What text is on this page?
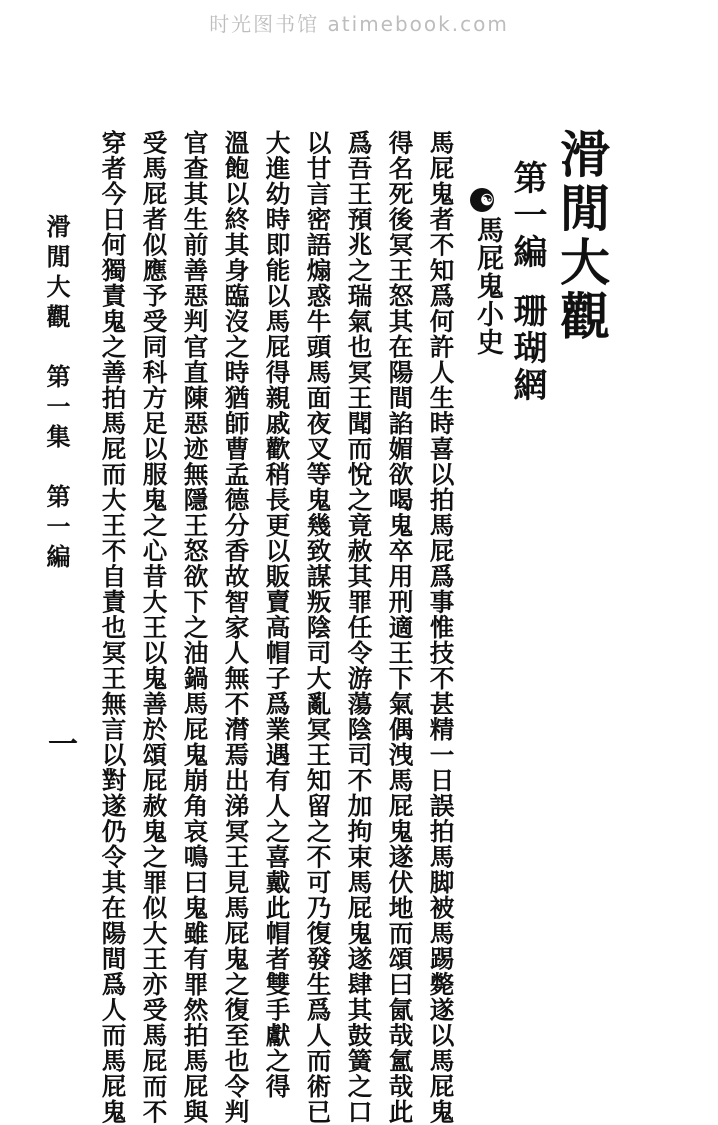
时光图书馆 atimebook.com
滑閒大觀
第一編珊瑚網
☯馬屁鬼小史
馬屁鬼者不知爲何許人生時喜以拍馬屁爲事惟技不甚精一日誤拍馬脚被馬踢斃遂以馬屁鬼
得名死後冥王怒其在陽間諂媚欲喝鬼卒用刑適王下氣偶洩馬屁鬼遂伏地而頌曰氤哉氳哉此
爲吾王預兆之瑞氣也冥王聞而悅之竟赦其罪任令游蕩陰司不加拘束馬屁鬼遂肆其鼓簧之口
以甘言密語煽惑牛頭馬面夜叉等鬼幾致謀叛陰司大亂冥王知留之不可乃復發生爲人而術已
大進幼時即能以馬屁得親戚歡稍長更以販賣高帽子爲業遇有人之喜戴此帽者雙手獻之得
溫飽以終其身臨沒之時猶師曹孟德分香故智家人無不潸焉出涕冥王見馬屁鬼之復至也令判
官查其生前善惡判官直陳惡迹無隱王怒欲下之油鍋馬屁鬼崩角哀鳴曰鬼雖有罪然拍馬屁與
受馬屁者似應予受同科方足以服鬼之心昔大王以鬼善於頌屁赦鬼之罪似大王亦受馬屁而不
穿者今日何獨責鬼之善拍馬屁而大王不自責也冥王無言以對遂仍令其在陽間爲人而馬屁鬼
滑閒大觀　第一集　第一編
一
